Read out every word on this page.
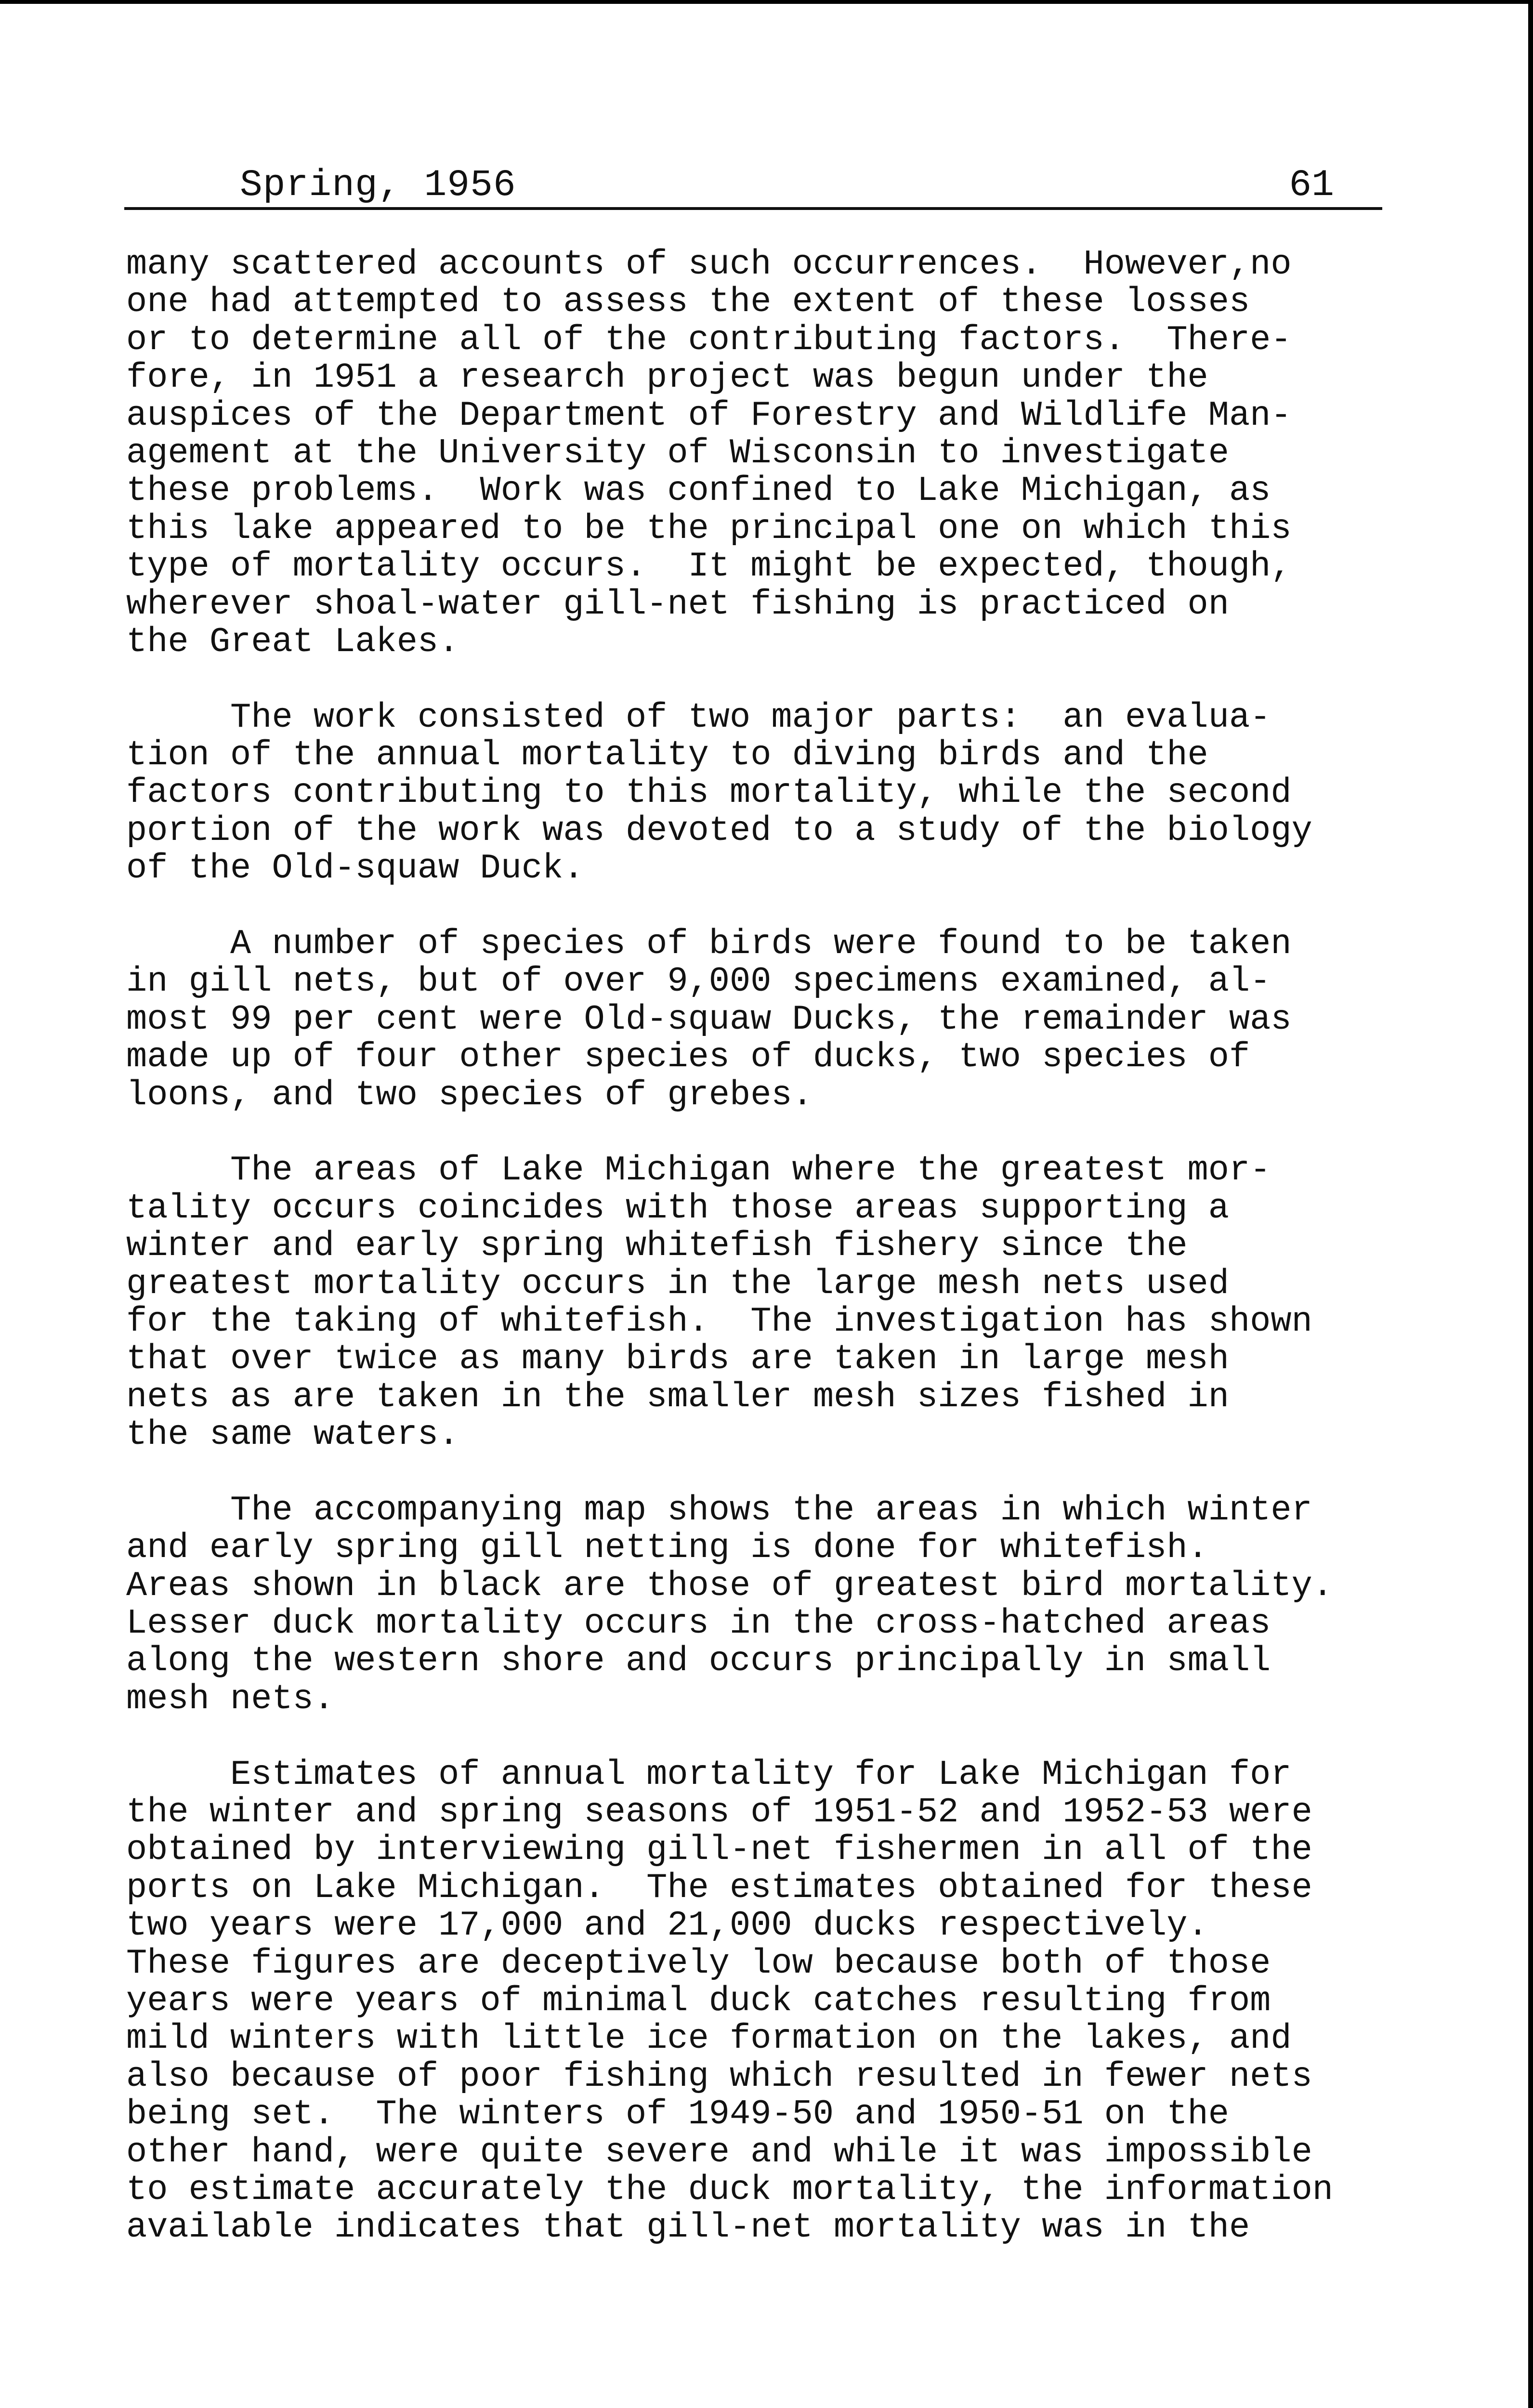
Spring, 1956	61
many scattered accounts of such occurrences.  However,no
one had attempted to assess the extent of these losses
or to determine all of the contributing factors.  There-
fore, in 1951 a research project was begun under the
auspices of the Department of Forestry and Wildlife Man-
agement at the University of Wisconsin to investigate
these problems.  Work was confined to Lake Michigan, as
this lake appeared to be the principal one on which this
type of mortality occurs.  It might be expected, though,
wherever shoal-water gill-net fishing is practiced on
the Great Lakes.
The work consisted of two major parts:  an evalua-
tion of the annual mortality to diving birds and the
factors contributing to this mortality, while the second
portion of the work was devoted to a study of the biology
of the Old-squaw Duck.
A number of species of birds were found to be taken
in gill nets, but of over 9,000 specimens examined, al-
most 99 per cent were Old-squaw Ducks, the remainder was
made up of four other species of ducks, two species of
loons, and two species of grebes.
The areas of Lake Michigan where the greatest mor-
tality occurs coincides with those areas supporting a
winter and early spring whitefish fishery since the
greatest mortality occurs in the large mesh nets used
for the taking of whitefish.  The investigation has shown
that over twice as many birds are taken in large mesh
nets as are taken in the smaller mesh sizes fished in
the same waters.
The accompanying map shows the areas in which winter
and early spring gill netting is done for whitefish.
Areas shown in black are those of greatest bird mortality.
Lesser duck mortality occurs in the cross-hatched areas
along the western shore and occurs principally in small
mesh nets.
Estimates of annual mortality for Lake Michigan for
the winter and spring seasons of 1951-52 and 1952-53 were
obtained by interviewing gill-net fishermen in all of the
ports on Lake Michigan.  The estimates obtained for these
two years were 17,000 and 21,000 ducks respectively.
These figures are deceptively low because both of those
years were years of minimal duck catches resulting from
mild winters with little ice formation on the lakes, and
also because of poor fishing which resulted in fewer nets
being set.  The winters of 1949-50 and 1950-51 on the
other hand, were quite severe and while it was impossible
to estimate accurately the duck mortality, the information
available indicates that gill-net mortality was in the
